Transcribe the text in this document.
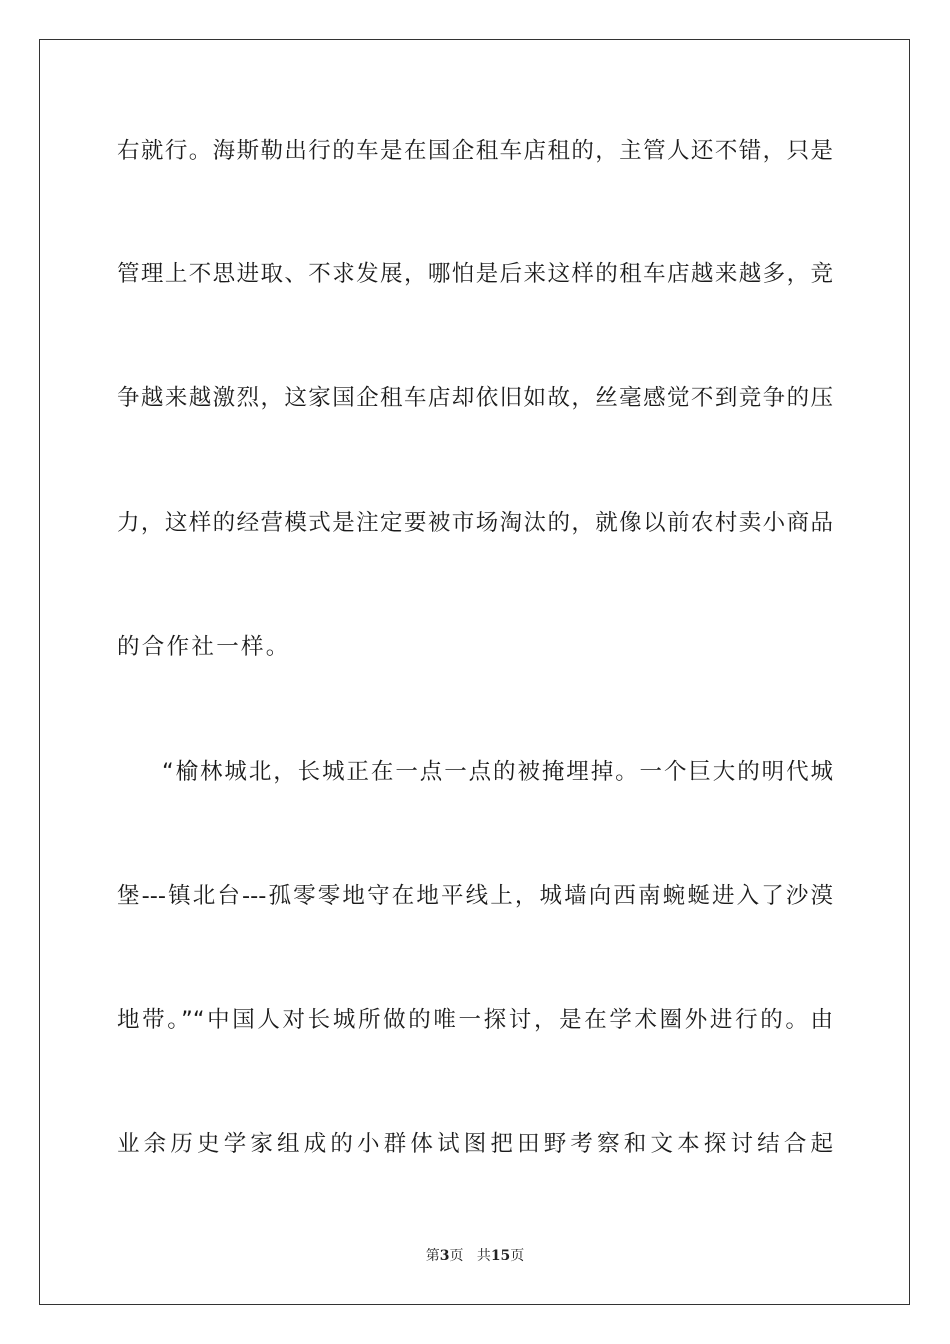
右就行。海斯勒出行的车是在国企租车店租的，主管人还不错，只是
管理上不思进取、不求发展，哪怕是后来这样的租车店越来越多，竞
争越来越激烈，这家国企租车店却依旧如故，丝毫感觉不到竞争的压
力，这样的经营模式是注定要被市场淘汰的，就像以前农村卖小商品
的合作社一样。
“榆林城北，长城正在一点一点的被掩埋掉。一个巨大的明代城
堡---镇北台---孤零零地守在地平线上，城墙向西南蜿蜒进入了沙漠
地带。”“中国人对长城所做的唯一探讨，是在学术圈外进行的。由
业余历史学家组成的小群体试图把田野考察和文本探讨结合起
第3页 共15页
